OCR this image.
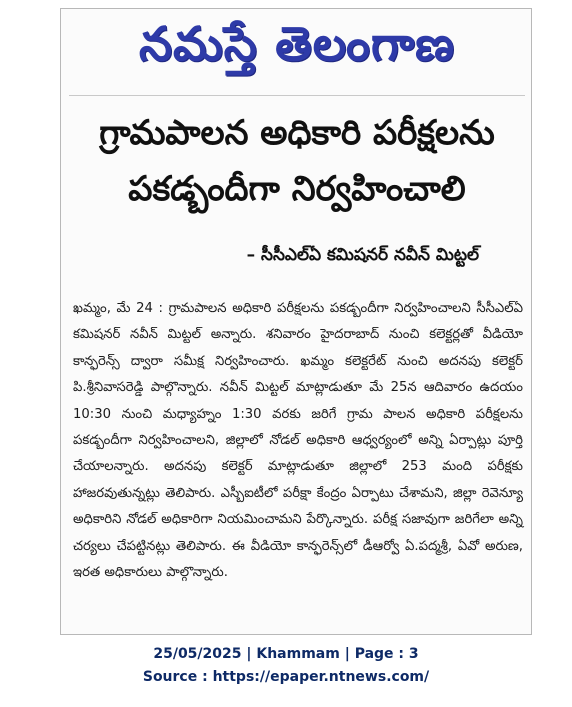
నమస్తే తెలంగాణ
గ్రామపాలన అధికారి పరీక్షలను
పకడ్బందీగా నిర్వహించాలి
– సీసీఎల్ఏ కమిషనర్ నవీన్ మిట్టల్
ఖమ్మం, మే 24 : గ్రామపాలన అధికారి పరీక్షలను పకడ్బందీగా నిర్వహించాలని సీసీఎల్ఏ కమిషనర్ నవీన్ మిట్టల్ అన్నారు. శనివారం హైదరాబాద్ నుంచి కలెక్టర్లతో వీడియో కాన్ఫరెన్స్ ద్వారా సమీక్ష నిర్వహించారు. ఖమ్మం కలెక్టరేట్ నుంచి అదనపు కలెక్టర్ పి.శ్రీనివాసరెడ్డి పాల్గొన్నారు. నవీన్ మిట్టల్ మాట్లాడుతూ మే 25న ఆదివారం ఉదయం 10:30 నుంచి మధ్యాహ్నం 1:30 వరకు జరిగే గ్రామ పాలన అధికారి పరీక్షలను పకడ్బందీగా నిర్వహించాలని, జిల్లాలో నోడల్ అధికారి ఆధ్వర్యంలో అన్ని ఏర్పాట్లు పూర్తి చేయాలన్నారు. అదనపు కలెక్టర్ మాట్లాడుతూ జిల్లాలో 253 మంది పరీక్షకు హాజరవుతున్నట్లు తెలిపారు. ఎస్బీఐటీలో పరీక్షా కేంద్రం ఏర్పాటు చేశామని, జిల్లా రెవెన్యూ అధికారిని నోడల్ అధికారిగా నియమించామని పేర్కొన్నారు. పరీక్ష సజావుగా జరిగేలా అన్ని చర్యలు చేపట్టినట్లు తెలిపారు. ఈ వీడియో కాన్ఫరెన్స్‌లో డీఆర్వో ఏ.పద్మశ్రీ, ఏవో అరుణ, ఇరత అధికారులు పాల్గొన్నారు.
25/05/2025 | Khammam | Page : 3
Source : https://epaper.ntnews.com/
